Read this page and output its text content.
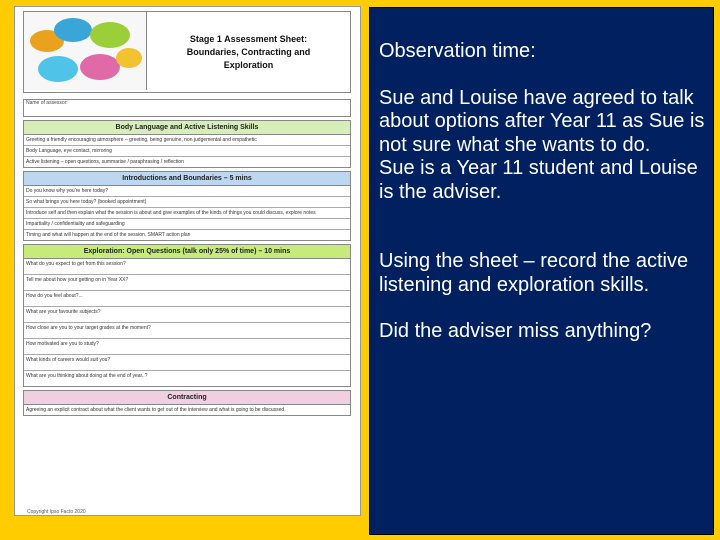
Stage 1 Assessment Sheet:
Boundaries, Contracting and
Exploration
Name of assessor:
Body Language and Active Listening Skills
Greeting a friendly encouraging atmosphere – greeting, being genuine, non judgemental and empathetic
Body Language, eye contact, mirroring
Active listening – open questions, summarise / paraphrasing / reflection
Introductions and Boundaries – 5 mins
Do you know why you’re here today?
So what brings you here today? (booked appointment)
Introduce self and then explain what the session is about and give examples of the kinds of things you could discuss, explore notes
Impartiality / confidentiality and safeguarding
Timing and what will happen at the end of the session. SMART action plan
Exploration: Open Questions (talk only 25% of time) – 10 mins
What do you expect to get from this session?
Tell me about how your getting on in Year XX?
How do you feel about?...
What are your favourite subjects?
How close are you to your target grades at the moment?
How motivated are you to study?
What kinds of careers would suit you?
What are you thinking about doing at the end of year..?
Contracting
Agreeing an explicit contract about what the client wants to get out of the interview and what is going to be discussed.
Copyright Ipso Facto 2020

Observation time:

Sue and Louise have agreed to talk about options after Year 11 as Sue is not sure what she wants to do.

Sue is a Year 11 student and Louise is the adviser.

Using the sheet – record the active listening and exploration skills.

Did the adviser miss anything?
